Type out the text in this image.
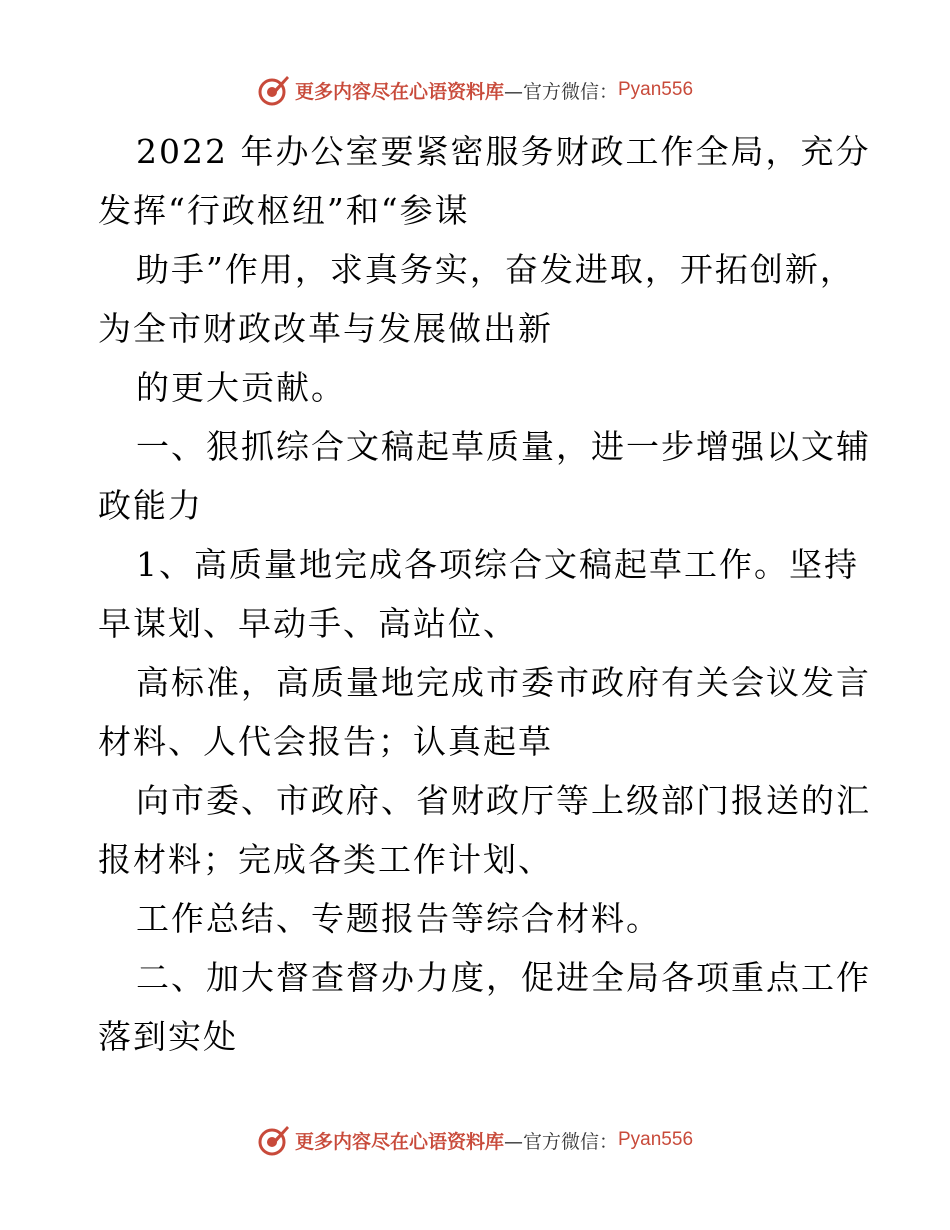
更多内容尽在心语资料库 —官方微信： Pyan556
2022 年办公室要紧密服务财政工作全局，充分
发挥“行政枢纽”和“参谋
助手”作用，求真务实，奋发进取，开拓创新，
为全市财政改革与发展做出新
的更大贡献。
一、狠抓综合文稿起草质量，进一步增强以文辅
政能力
1、高质量地完成各项综合文稿起草工作。坚持
早谋划、早动手、高站位、
高标准，高质量地完成市委市政府有关会议发言
材料、人代会报告；认真起草
向市委、市政府、省财政厅等上级部门报送的汇
报材料；完成各类工作计划、
工作总结、专题报告等综合材料。
二、加大督查督办力度，促进全局各项重点工作
落到实处
更多内容尽在心语资料库 —官方微信： Pyan556
